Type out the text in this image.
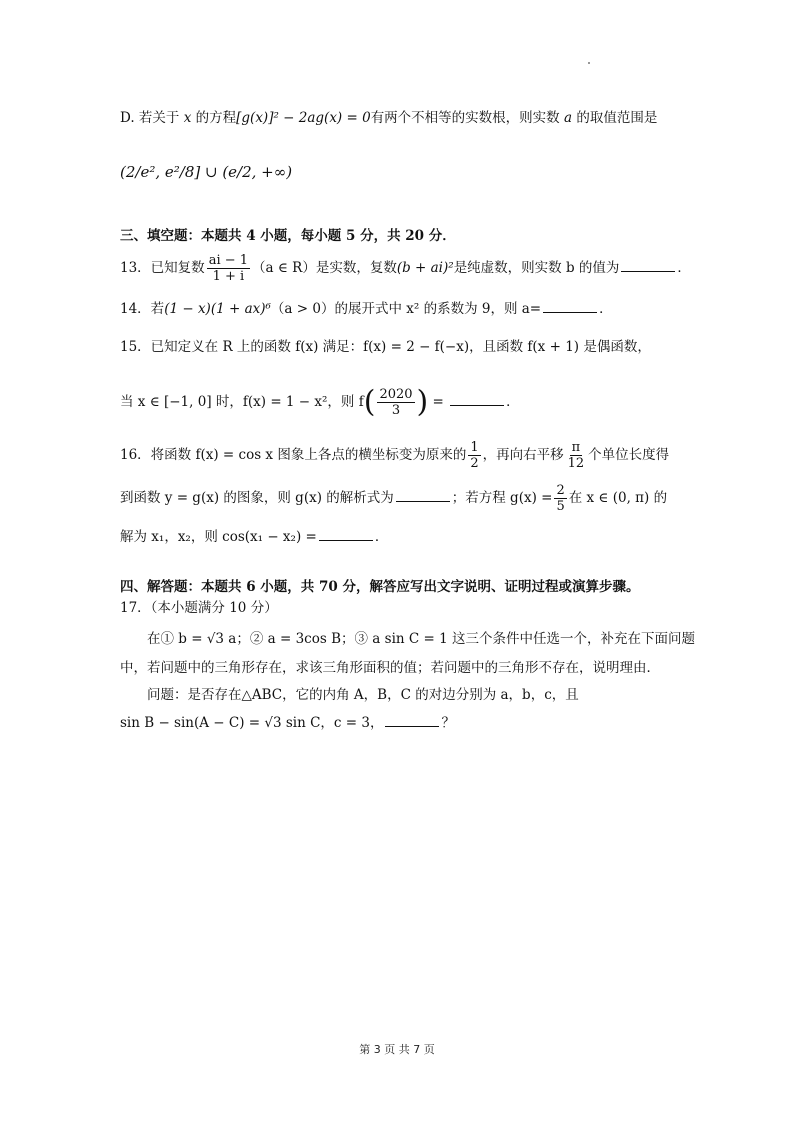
D. 若关于 x 的方程[g(x)]² − 2ag(x) = 0有两个不相等的实数根，则实数 a 的取值范围是
(2/e², e²/8] ∪ (e/2, +∞)
三、填空题：本题共 4 小题，每小题 5 分，共 20 分．
13．已知复数 $\frac{ai - 1}{1 + i} (a$ ∈ R）是实数，复数(b + ai)²是纯虚数，则实数 b 的值为	．
14．若(1 − x)(1 + ax)⁶（a > 0）的展开式中 x² 的系数为 9，则 a=	．
15．已知定义在 R 上的函数 f(x) 满足：f(x) = 2 − f(−x)，且函数 f(x + 1) 是偶函数，
当 x ∈ [−1, 0] 时，f(x) = 1 − x²，则 $f( \frac{2020}{3}$ ) =	．
16．将函数 f(x) = cos x 图象上各点的横坐标变为原来的 $\frac{1}{2}$ ，再向右平移 $\frac{\pi}{12}$ 个单位长度得
到函数 y = g(x) 的图象，则 g(x) 的解析式为	；若方程 $g(x) = \frac{2}{5}$ 在 x ∈ (0, π) 的
解为 x₁，x₂，则 cos(x₁ − x₂) =	．
四、解答题：本题共 6 小题，共 70 分，解答应写出文字说明、证明过程或演算步骤。
17．（本小题满分 10 分）
在① b = √3 a；② a = 3cos B；③ a sin C = 1 这三个条件中任选一个，补充在下面问题
中，若问题中的三角形存在，求该三角形面积的值；若问题中的三角形不存在，说明理由．
问题：是否存在△ABC，它的内角 A，B，C 的对边分别为 a，b，c，且
sin B − sin(A − C) = √3 sin C，c = 3，	？
第 3 页 共 7 页
